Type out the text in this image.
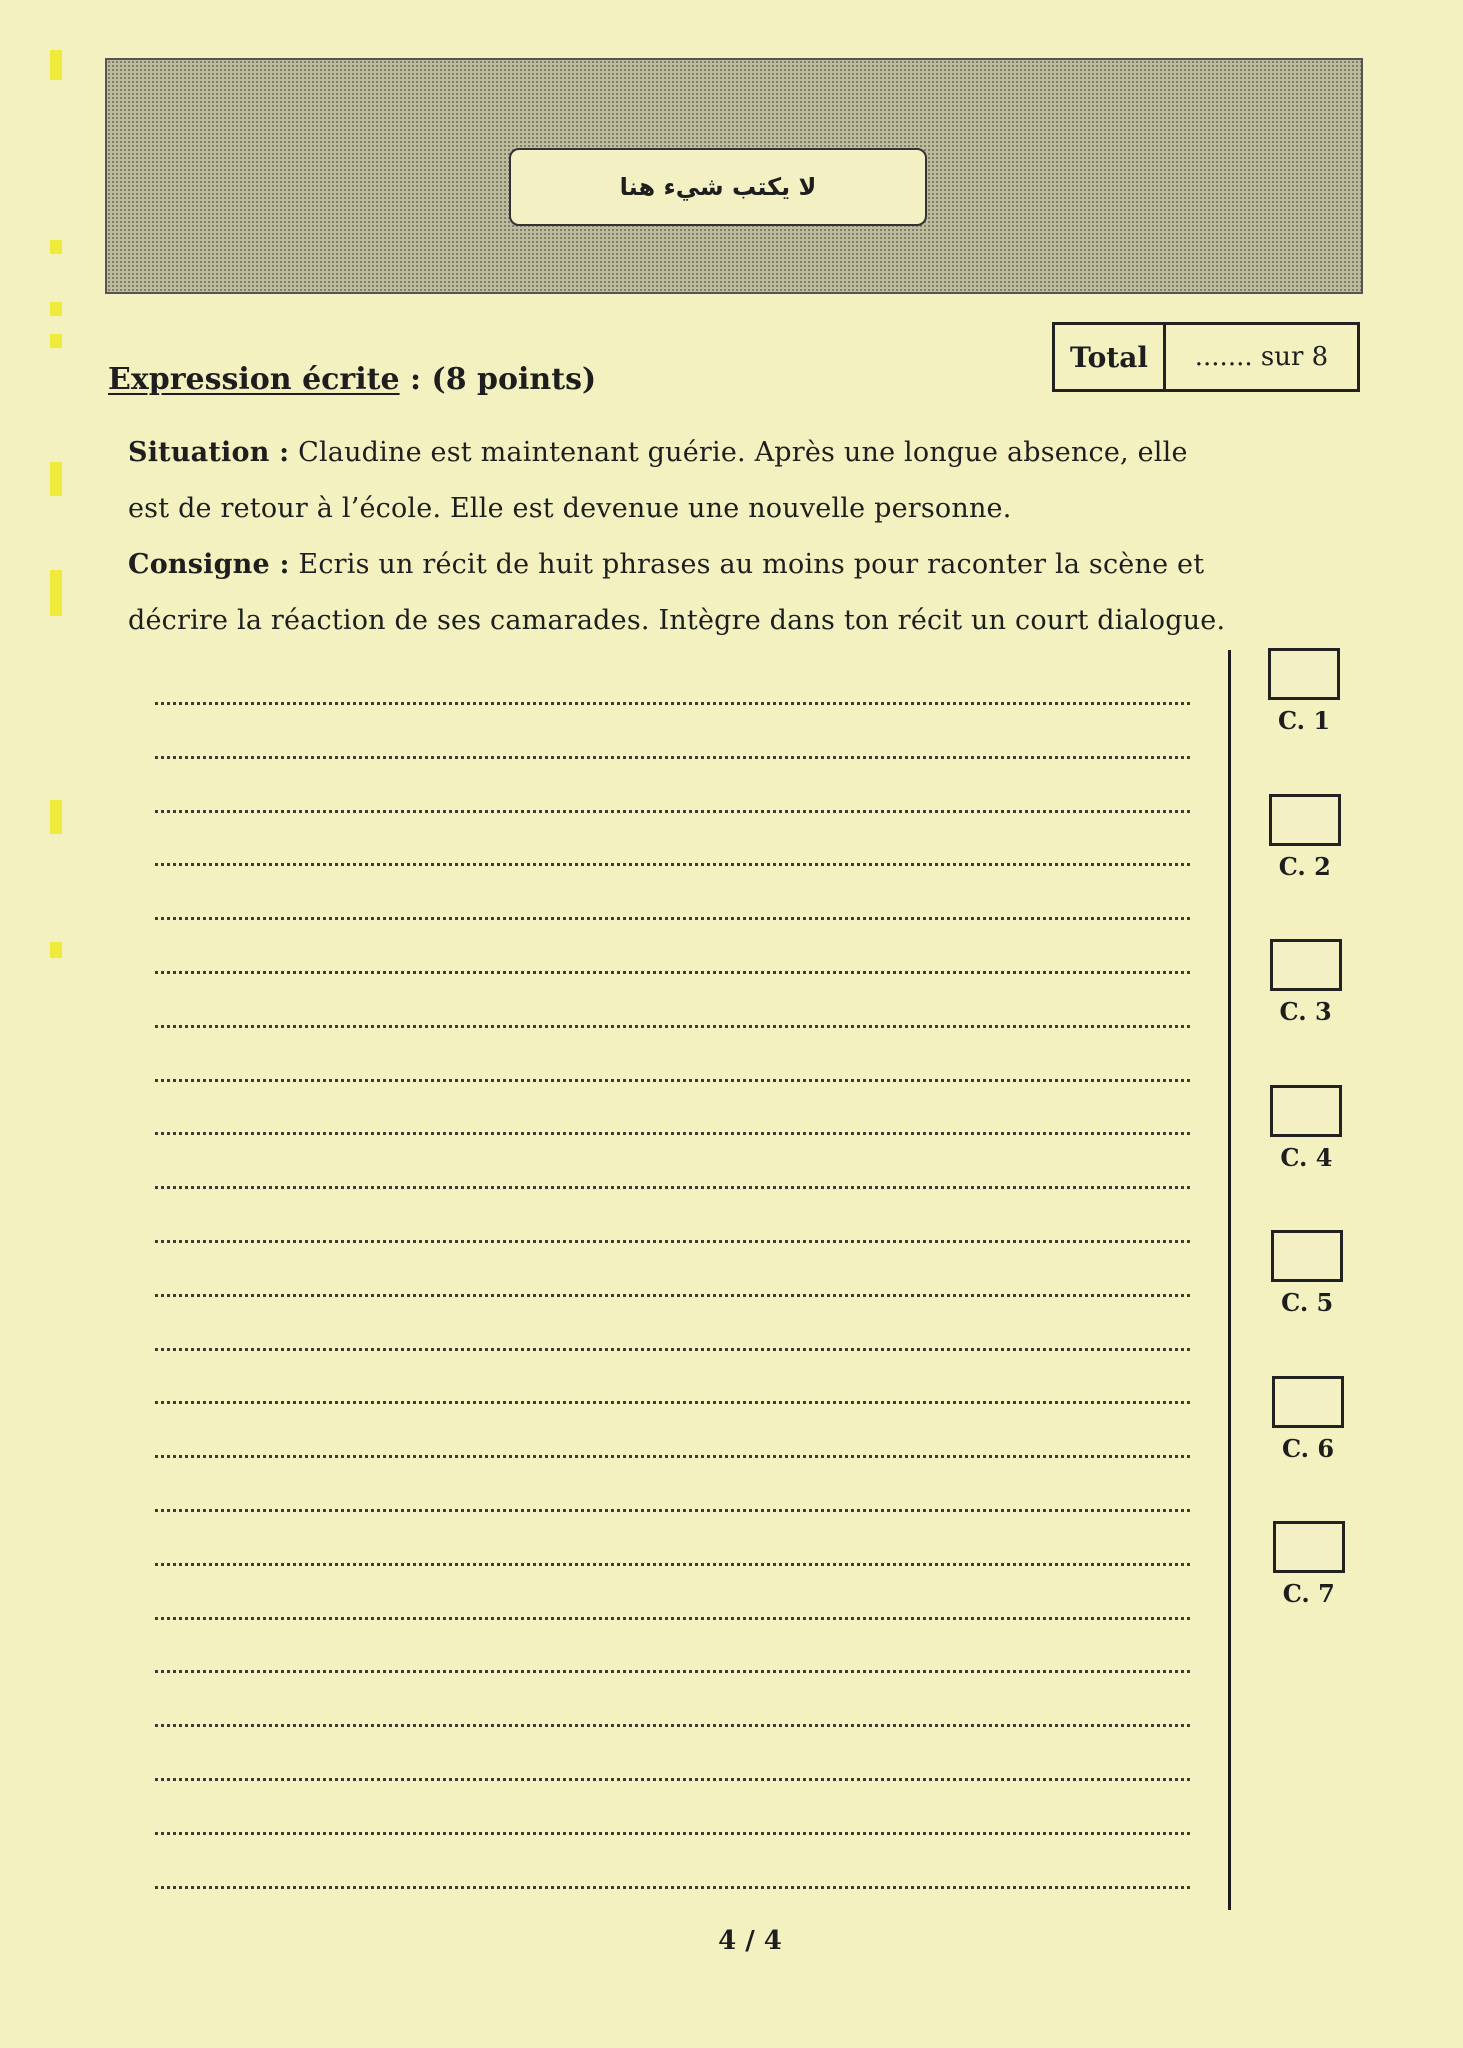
لا يكتب شيء هنا
Expression écrite : (8 points)
Total	....... sur 8
Situation : Claudine est maintenant guérie. Après une longue absence, elle
est de retour à l’école. Elle est devenue une nouvelle personne.
Consigne : Ecris un récit de huit phrases au moins pour raconter la scène et
décrire la réaction de ses camarades. Intègre dans ton récit un court dialogue.
C. 1
C. 2
C. 3
C. 4
C. 5
C. 6
C. 7
4 / 4
